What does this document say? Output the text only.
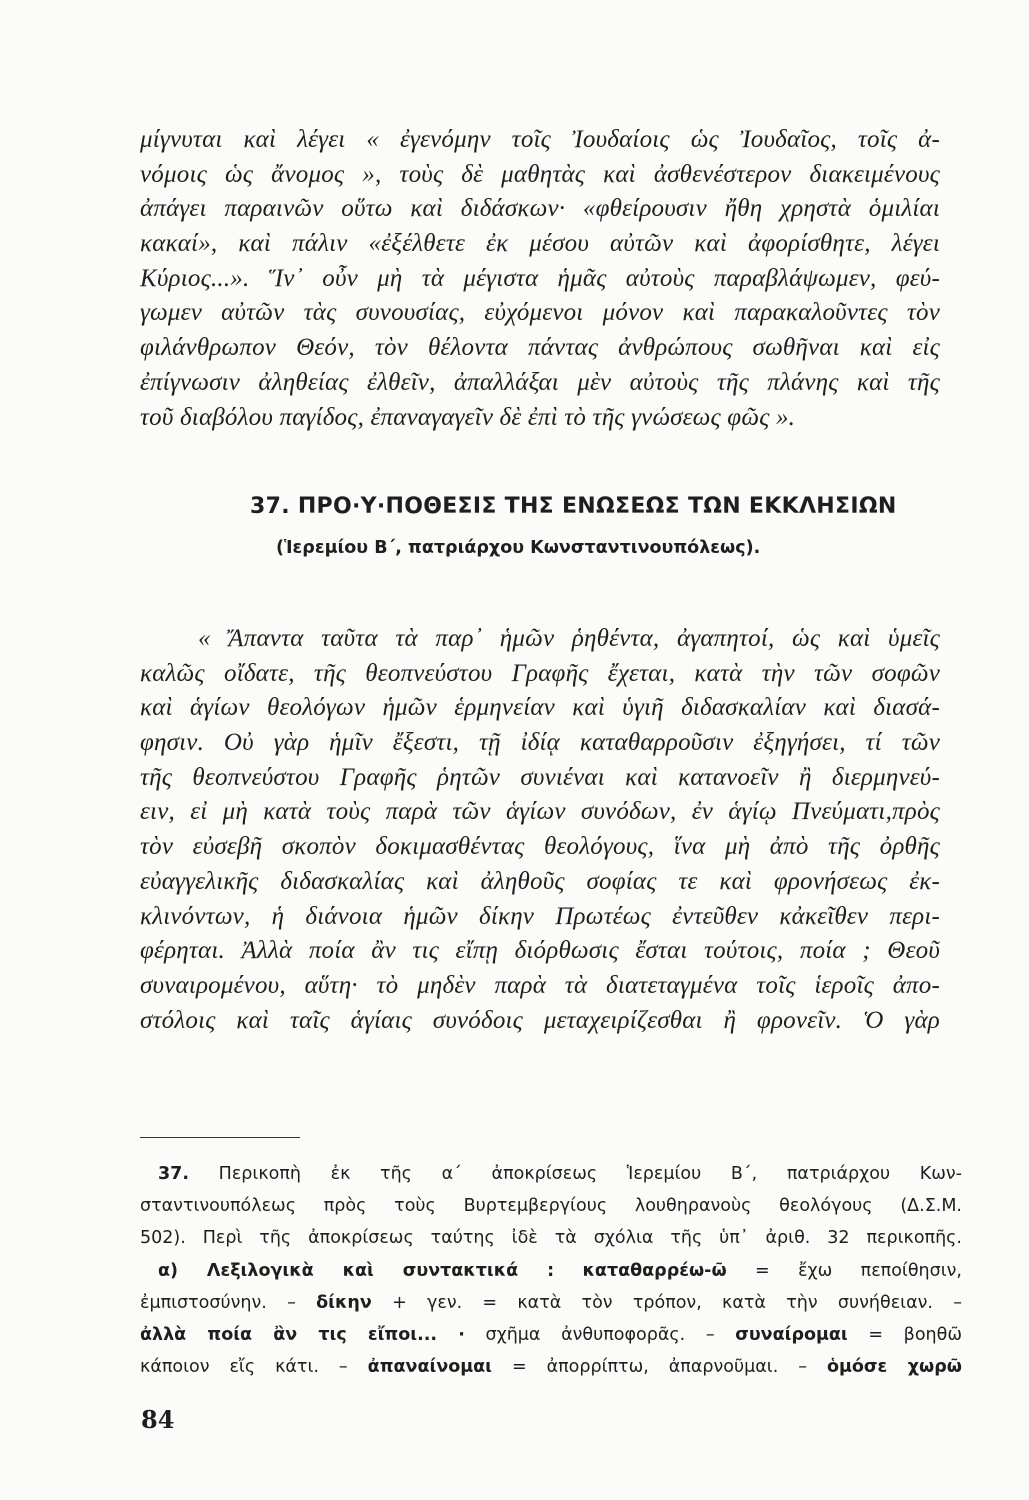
μίγνυται καὶ λέγει « ἐγενόμην τοῖς Ἰουδαίοις ὡς Ἰουδαῖος, τοῖς ἀ-
νόμοις ὡς ἄνομος », τοὺς δὲ μαθητὰς καὶ ἀσθενέστερον διακειμένους
ἀπάγει παραινῶν οὕτω καὶ διδάσκων· «φθείρουσιν ἤθη χρηστὰ ὁμιλίαι
κακαί», καὶ πάλιν «ἐξέλθετε ἐκ μέσου αὐτῶν καὶ ἀφορίσθητε, λέγει
Κύριος...». Ἵν᾽ οὖν μὴ τὰ μέγιστα ἡμᾶς αὐτοὺς παραβλάψωμεν, φεύ-
γωμεν αὐτῶν τὰς συνουσίας, εὐχόμενοι μόνον καὶ παρακαλοῦντες τὸν
φιλάνθρωπον Θεόν, τὸν θέλοντα πάντας ἀνθρώπους σωθῆναι καὶ εἰς
ἐπίγνωσιν ἀληθείας ἐλθεῖν, ἀπαλλάξαι μὲν αὐτοὺς τῆς πλάνης καὶ τῆς
τοῦ διαβόλου παγίδος, ἐπαναγαγεῖν δὲ ἐπὶ τὸ τῆς γνώσεως φῶς ».
37. ΠΡΟ·Υ·ΠΟΘΕΣΙΣ ΤΗΣ ΕΝΩΣΕΩΣ ΤΩΝ ΕΚΚΛΗΣΙΩΝ
(Ἱερεμίου Β΄, πατριάρχου Κωνσταντινουπόλεως).
« Ἄπαντα ταῦτα τὰ παρ᾽ ἡμῶν ῥηθέντα, ἀγαπητοί, ὡς καὶ ὑμεῖς
καλῶς οἴδατε, τῆς θεοπνεύστου Γραφῆς ἔχεται, κατὰ τὴν τῶν σοφῶν
καὶ ἁγίων θεολόγων ἡμῶν ἑρμηνείαν καὶ ὑγιῆ διδασκαλίαν καὶ διασά-
φησιν. Οὐ γὰρ ἡμῖν ἔξεστι, τῇ ἰδίᾳ καταθαρροῦσιν ἐξηγήσει, τί τῶν
τῆς θεοπνεύστου Γραφῆς ῥητῶν συνιέναι καὶ κατανοεῖν ἢ διερμηνεύ-
ειν, εἰ μὴ κατὰ τοὺς παρὰ τῶν ἁγίων συνόδων, ἐν ἁγίῳ Πνεύματι,πρὸς
τὸν εὐσεβῆ σκοπὸν δοκιμασθέντας θεολόγους, ἵνα μὴ ἀπὸ τῆς ὀρθῆς
εὐαγγελικῆς διδασκαλίας καὶ ἀληθοῦς σοφίας τε καὶ φρονήσεως ἐκ-
κλινόντων, ἡ διάνοια ἡμῶν δίκην Πρωτέως ἐντεῦθεν κἀκεῖθεν περι-
φέρηται. Ἀλλὰ ποία ἂν τις εἴπῃ διόρθωσις ἔσται τούτοις, ποία ; Θεοῦ
συναιρομένου, αὕτη· τὸ μηδὲν παρὰ τὰ διατεταγμένα τοῖς ἱεροῖς ἀπο-
στόλοις καὶ ταῖς ἁγίαις συνόδοις μεταχειρίζεσθαι ἢ φρονεῖν. Ὁ γὰρ
37. Περικοπὴ ἐκ τῆς α΄ ἀποκρίσεως Ἱερεμίου Β΄, πατριάρχου Κων-
σταντινουπόλεως πρὸς τοὺς Βυρτεμβεργίους λουθηρανοὺς θεολόγους (Δ.Σ.Μ.
502). Περὶ τῆς ἀποκρίσεως ταύτης ἰδὲ τὰ σχόλια τῆς ὑπ᾽ ἀριθ. 32 περικοπῆς.
α) Λεξιλογικὰ καὶ συντακτικά : καταθαρρέω-ῶ = ἔχω πεποίθησιν,
ἐμπιστοσύνην. – δίκην + γεν. = κατὰ τὸν τρόπον, κατὰ τὴν συνήθειαν. –
ἀλλὰ ποία ἂν τις εἴποι... · σχῆμα ἀνθυποφορᾶς. – συναίρομαι = βοηθῶ
κάποιον εἴς κάτι. – ἀπαναίνομαι = ἀπορρίπτω, ἀπαρνοῦμαι. – ὁμόσε χωρῶ
84
